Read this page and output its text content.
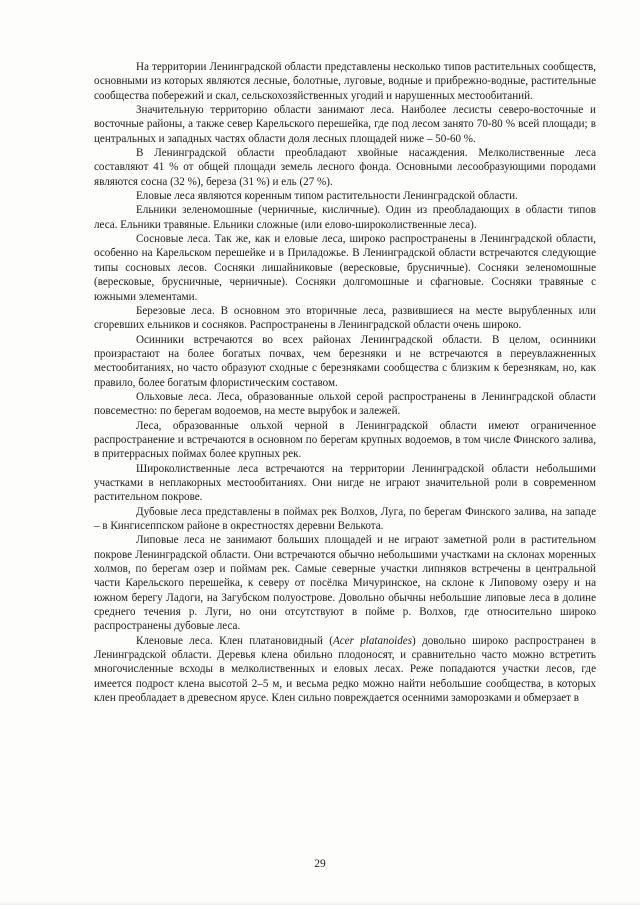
На территории Ленинградской области представлены несколько типов растительных сообществ, основными из которых являются лесные, болотные, луговые, водные и прибрежно-водные, растительные сообщества побережий и скал, сельскохозяйственных угодий и нарушенных местообитаний.

Значительную территорию области занимают леса. Наиболее лесисты северо-восточные и восточные районы, а также север Карельского перешейка, где под лесом занято 70-80 % всей площади; в центральных и западных частях области доля лесных площадей ниже – 50-60 %.

В Ленинградской области преобладают хвойные насаждения. Мелколиственные леса составляют 41 % от общей площади земель лесного фонда. Основными лесообразующими породами являются сосна (32 %), береза (31 %) и ель (27 %).

Еловые леса являются коренным типом растительности Ленинградской области.

Ельники зеленомошные (черничные, кисличные). Один из преобладающих в области типов леса. Ельники травяные. Ельники сложные (или елово-широколиственные леса).

Сосновые леса. Так же, как и еловые леса, широко распространены в Ленинградской области, особенно на Карельском перешейке и в Приладожье. В Ленинградской области встречаются следующие типы сосновых лесов. Сосняки лишайниковые (вересковые, брусничные). Сосняки зеленомошные (вересковые, брусничные, черничные). Сосняки долгомошные и сфагновые. Сосняки травяные с южными элементами.

Березовые леса. В основном это вторичные леса, развившиеся на месте вырубленных или сгоревших ельников и сосняков. Распространены в Ленинградской области очень широко.

Осинники встречаются во всех районах Ленинградской области. В целом, осинники произрастают на более богатых почвах, чем березняки и не встречаются в переувлажненных местообитаниях, но часто образуют сходные с березняками сообщества с близким к березнякам, но, как правило, более богатым флористическим составом.

Ольховые леса. Леса, образованные ольхой серой распространены в Ленинградской области повсеместно: по берегам водоемов, на месте вырубок и залежей.

Леса, образованные ольхой черной в Ленинградской области имеют ограниченное распространение и встречаются в основном по берегам крупных водоемов, в том числе Финского залива, в притеррасных поймах более крупных рек.

Широколиственные леса встречаются на территории Ленинградской области небольшими участками в неплакорных местообитаниях. Они нигде не играют значительной роли в современном растительном покрове.

Дубовые леса представлены в поймах рек Волхов, Луга, по берегам Финского залива, на западе – в Кингисеппском районе в окрестностях деревни Велькота.

Липовые леса не занимают больших площадей и не играют заметной роли в растительном покрове Ленинградской области. Они встречаются обычно небольшими участками на склонах моренных холмов, по берегам озер и поймам рек. Самые северные участки липняков встречены в центральной части Карельского перешейка, к северу от посёлка Мичуринское, на склоне к Липовому озеру и на южном берегу Ладоги, на Загубском полуострове. Довольно обычны небольшие липовые леса в долине среднего течения р. Луги, но они отсутствуют в пойме р. Волхов, где относительно широко распространены дубовые леса.

Кленовые леса. Клен платановидный (Acer platanoides) довольно широко распространен в Ленинградской области. Деревья клена обильно плодоносят, и сравнительно часто можно встретить многочисленные всходы в мелколиственных и еловых лесах. Реже попадаются участки лесов, где имеется подрост клена высотой 2–5 м, и весьма редко можно найти небольшие сообщества, в которых клен преобладает в древесном ярусе. Клен сильно повреждается осенними заморозками и обмерзает в

29
